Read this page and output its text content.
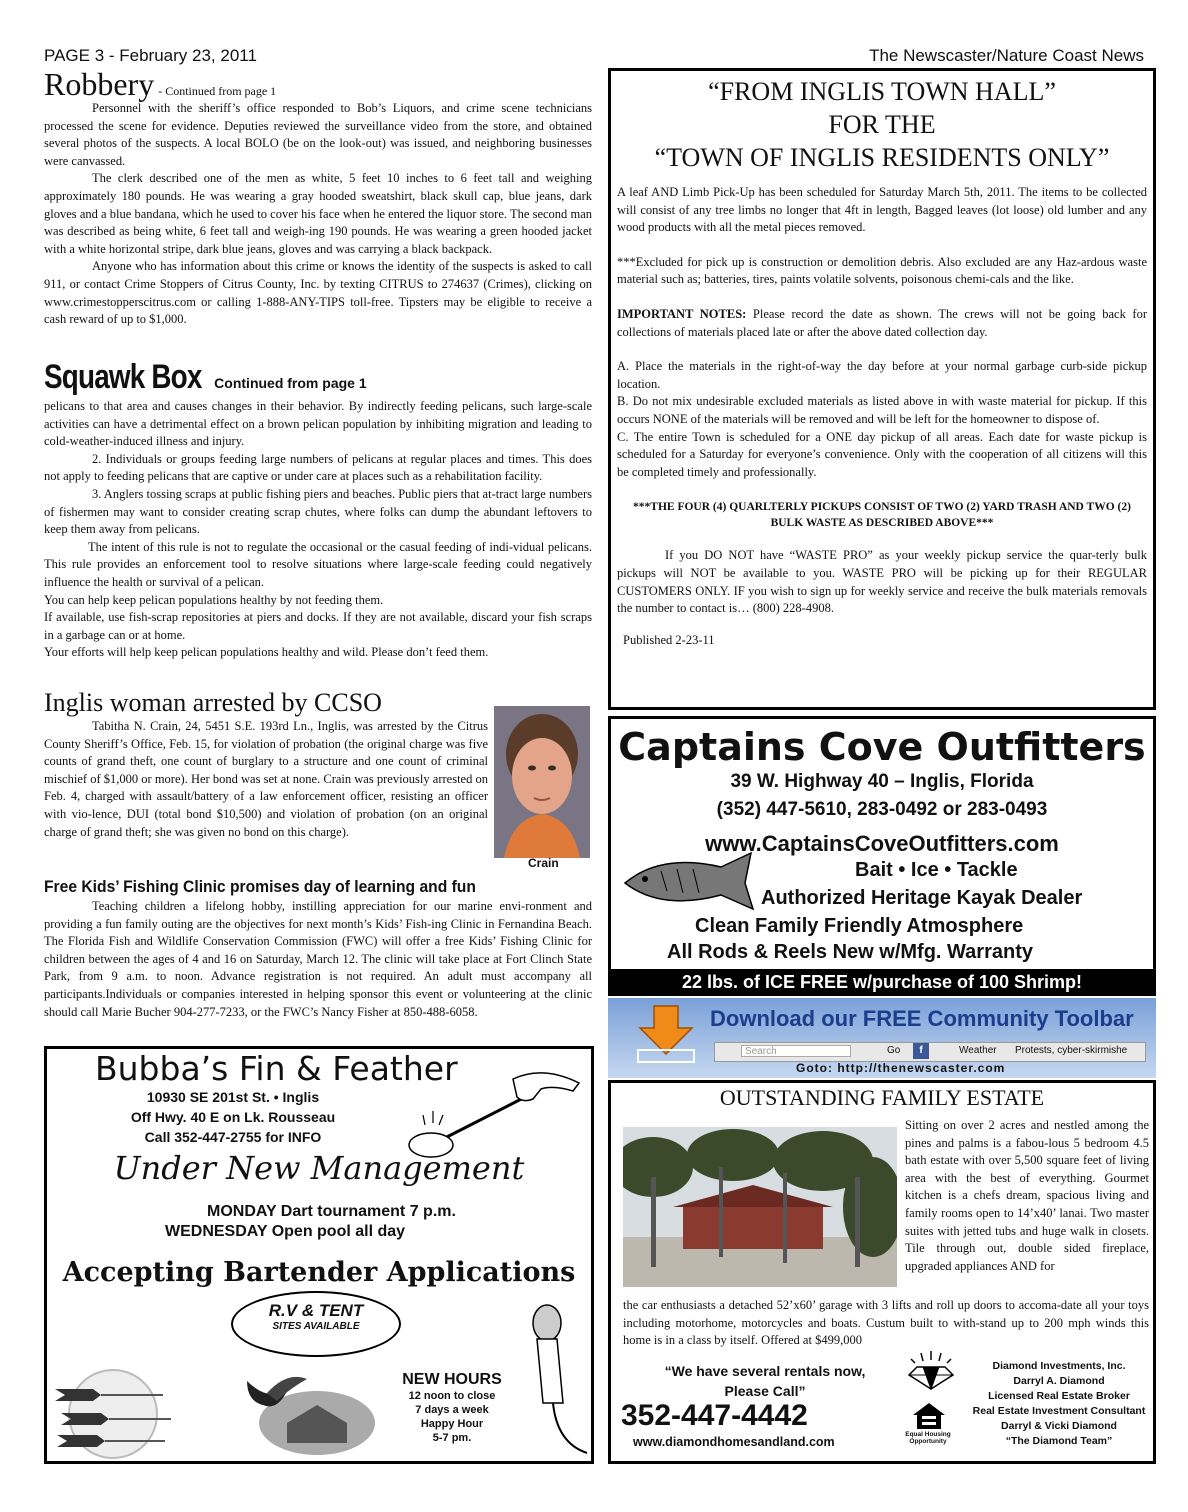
PAGE 3 - February 23, 2011	The Newscaster/Nature Coast News
Robbery - Continued from page 1

Personnel with the sheriff’s office responded to Bob’s Liquors, and crime scene technicians processed the scene for evidence. Deputies reviewed the surveillance video from the store, and obtained several photos of the suspects. A local BOLO (be on the look-out) was issued, and neighboring businesses were canvassed.

The clerk described one of the men as white, 5 feet 10 inches to 6 feet tall and weighing approximately 180 pounds. He was wearing a gray hooded sweatshirt, black skull cap, blue jeans, dark gloves and a blue bandana, which he used to cover his face when he entered the liquor store. The second man was described as being white, 6 feet tall and weigh-ing 190 pounds. He was wearing a green hooded jacket with a white horizontal stripe, dark blue jeans, gloves and was carrying a black backpack.

Anyone who has information about this crime or knows the identity of the suspects is asked to call 911, or contact Crime Stoppers of Citrus County, Inc. by texting CITRUS to 274637 (Crimes), clicking on www.crimestopperscitrus.com or calling 1-888-ANY-TIPS toll-free. Tipsters may be eligible to receive a cash reward of up to $1,000.

Squawk Box Continued from page 1

pelicans to that area and causes changes in their behavior. By indirectly feeding pelicans, such large-scale activities can have a detrimental effect on a brown pelican population by inhibiting migration and leading to cold-weather-induced illness and injury.

2. Individuals or groups feeding large numbers of pelicans at regular places and times. This does not apply to feeding pelicans that are captive or under care at places such as a rehabilitation facility.

3. Anglers tossing scraps at public fishing piers and beaches. Public piers that at-tract large numbers of fishermen may want to consider creating scrap chutes, where folks can dump the abundant leftovers to keep them away from pelicans.

The intent of this rule is not to regulate the occasional or the casual feeding of indi-vidual pelicans. This rule provides an enforcement tool to resolve situations where large-scale feeding could negatively influence the health or survival of a pelican.

You can help keep pelican populations healthy by not feeding them.

If available, use fish-scrap repositories at piers and docks. If they are not available, discard your fish scraps in a garbage can or at home.

Your efforts will help keep pelican populations healthy and wild. Please don’t feed them.

Inglis woman arrested by CCSO

Tabitha N. Crain, 24, 5451 S.E. 193rd Ln., Inglis, was arrested by the Citrus County Sheriff’s Office, Feb. 15, for violation of probation (the original charge was five counts of grand theft, one count of burglary to a structure and one count of criminal mischief of $1,000 or more). Her bond was set at none. Crain was previously arrested on Feb. 4, charged with assault/battery of a law enforcement officer, resisting an officer with vio-lence, DUI (total bond $10,500) and violation of probation (on an original charge of grand theft; she was given no bond on this charge).

Crain
Free Kids’ Fishing Clinic promises day of learning and fun

Teaching children a lifelong hobby, instilling appreciation for our marine envi-ronment and providing a fun family outing are the objectives for next month’s Kids’ Fish-ing Clinic in Fernandina Beach. The Florida Fish and Wildlife Conservation Commission (FWC) will offer a free Kids’ Fishing Clinic for children between the ages of 4 and 16 on Saturday, March 12. The clinic will take place at Fort Clinch State Park, from 9 a.m. to noon. Advance registration is not required. An adult must accompany all participants.Individuals or companies interested in helping sponsor this event or volunteering at the clinic should call Marie Bucher 904-277-7233, or the FWC’s Nancy Fisher at 850-488-6058.

Bubba’s Fin & Feather
10930 SE 201st St. • Inglis
Off Hwy. 40 E on Lk. Rousseau
Call 352-447-2755 for INFO
Under New Management
MONDAY Dart tournament 7 p.m.
WEDNESDAY Open pool all day
Accepting Bartender Applications
R.V & TENT
SITES AVAILABLE
NEW HOURS
12 noon to close
7 days a week
Happy Hour
5-7 pm.
“FROM INGLIS TOWN HALL”
FOR THE
“TOWN OF INGLIS RESIDENTS ONLY”

A leaf AND Limb Pick-Up has been scheduled for Saturday March 5th, 2011. The items to be collected will consist of any tree limbs no longer that 4ft in length, Bagged leaves (lot loose) old lumber and any wood products with all the metal pieces removed.

***Excluded for pick up is construction or demolition debris. Also excluded are any Haz-ardous waste material such as; batteries, tires, paints volatile solvents, poisonous chemi-cals and the like.

IMPORTANT NOTES: Please record the date as shown. The crews will not be going back for collections of materials placed late or after the above dated collection day.

A. Place the materials in the right-of-way the day before at your normal garbage curb-side pickup location.

B. Do not mix undesirable excluded materials as listed above in with waste material for pickup. If this occurs NONE of the materials will be removed and will be left for the homeowner to dispose of.

C. The entire Town is scheduled for a ONE day pickup of all areas. Each date for waste pickup is scheduled for a Saturday for everyone’s convenience. Only with the cooperation of all citizens will this be completed timely and professionally.

***THE FOUR (4) QUARLTERLY PICKUPS CONSIST OF TWO (2) YARD TRASH AND TWO (2) BULK WASTE AS DESCRIBED ABOVE***

If you DO NOT have “WASTE PRO” as your weekly pickup service the quar-terly bulk pickups will NOT be available to you. WASTE PRO will be picking up for their REGULAR CUSTOMERS ONLY. IF you wish to sign up for weekly service and receive the bulk materials removals the number to contact is… (800) 228-4908.

Published 2-23-11

Captains Cove Outfitters
39 W. Highway 40 – Inglis, Florida
(352) 447-5610, 283-0492 or 283-0493
www.CaptainsCoveOutfitters.com
Bait • Ice • Tackle
Authorized Heritage Kayak Dealer
Clean Family Friendly Atmosphere
All Rods & Reels New w/Mfg. Warranty
22 lbs. of ICE FREE w/purchase of 100 Shrimp!
Download our FREE Community Toolbar
Search	Go	f	Weather Protests, cyber-skirmishe
Goto: http://thenewscaster.com
OUTSTANDING FAMILY ESTATE

Sitting on over 2 acres and nestled among the pines and palms is a fabou-lous 5 bedroom 4.5 bath estate with over 5,500 square feet of living area with the best of everything. Gourmet kitchen is a chefs dream, spacious living and family rooms open to 14’x40’ lanai. Two master suites with jetted tubs and huge walk in closets. Tile through out, double sided fireplace, upgraded appliances AND for

the car enthusiasts a detached 52’x60’ garage with 3 lifts and roll up doors to accoma-date all your toys including motorhome, motorcycles and boats. Custum built to with-stand up to 200 mph winds this home is in a class by itself. Offered at $499,000

“We have several rentals now,
Please Call”
352-447-4442
www.diamondhomesandland.com
Equal Housing
Opportunity
Diamond Investments, Inc.
Darryl A. Diamond
Licensed Real Estate Broker
Real Estate Investment Consultant
Darryl & Vicki Diamond
“The Diamond Team”
